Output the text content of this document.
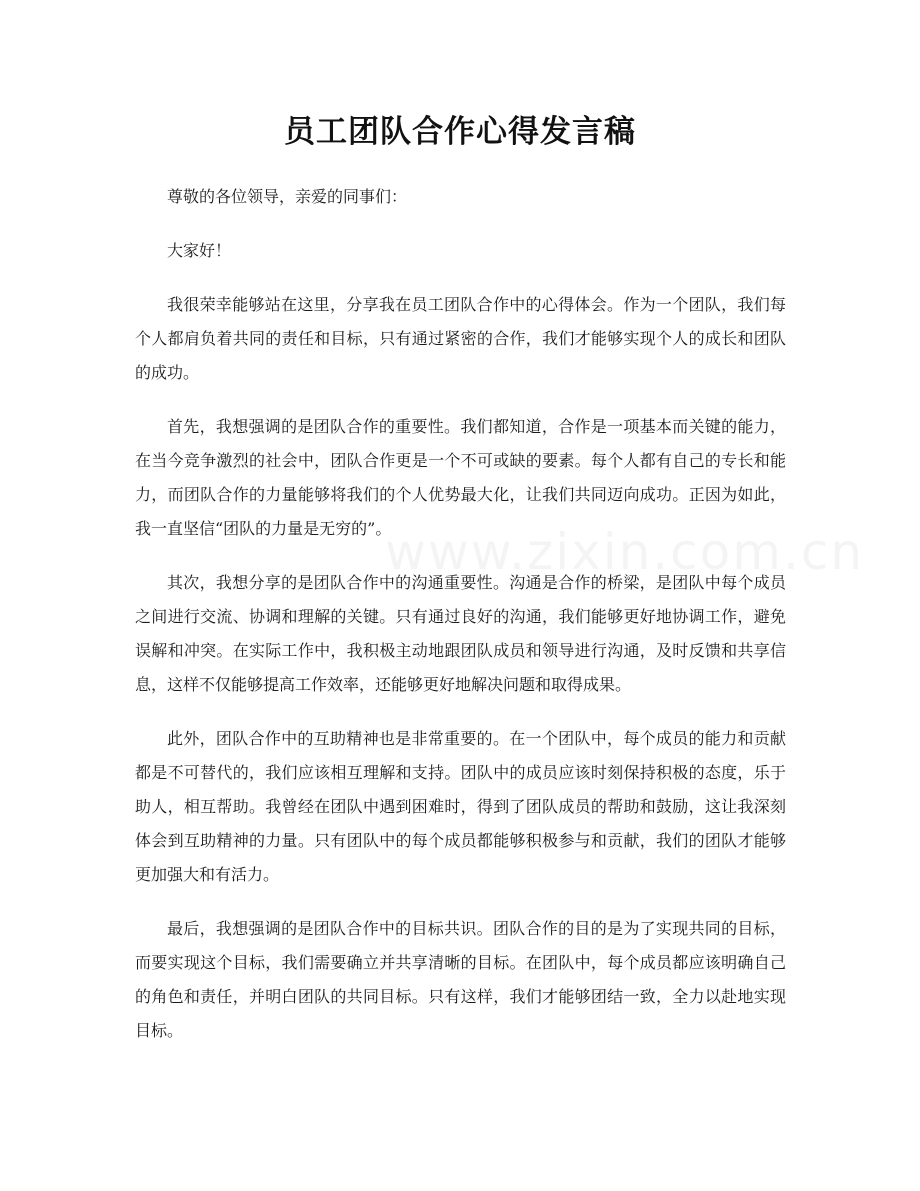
员工团队合作心得发言稿

尊敬的各位领导，亲爱的同事们：

大家好！

我很荣幸能够站在这里，分享我在员工团队合作中的心得体会。作为一个团队，我们每个人都肩负着共同的责任和目标，只有通过紧密的合作，我们才能够实现个人的成长和团队的成功。

首先，我想强调的是团队合作的重要性。我们都知道，合作是一项基本而关键的能力，在当今竞争激烈的社会中，团队合作更是一个不可或缺的要素。每个人都有自己的专长和能力，而团队合作的力量能够将我们的个人优势最大化，让我们共同迈向成功。正因为如此，我一直坚信“团队的力量是无穷的”。

其次，我想分享的是团队合作中的沟通重要性。沟通是合作的桥梁，是团队中每个成员之间进行交流、协调和理解的关键。只有通过良好的沟通，我们能够更好地协调工作，避免误解和冲突。在实际工作中，我积极主动地跟团队成员和领导进行沟通，及时反馈和共享信息，这样不仅能够提高工作效率，还能够更好地解决问题和取得成果。

此外，团队合作中的互助精神也是非常重要的。在一个团队中，每个成员的能力和贡献都是不可替代的，我们应该相互理解和支持。团队中的成员应该时刻保持积极的态度，乐于助人，相互帮助。我曾经在团队中遇到困难时，得到了团队成员的帮助和鼓励，这让我深刻体会到互助精神的力量。只有团队中的每个成员都能够积极参与和贡献，我们的团队才能够更加强大和有活力。

最后，我想强调的是团队合作中的目标共识。团队合作的目的是为了实现共同的目标，而要实现这个目标，我们需要确立并共享清晰的目标。在团队中，每个成员都应该明确自己的角色和责任，并明白团队的共同目标。只有这样，我们才能够团结一致，全力以赴地实现目标。
